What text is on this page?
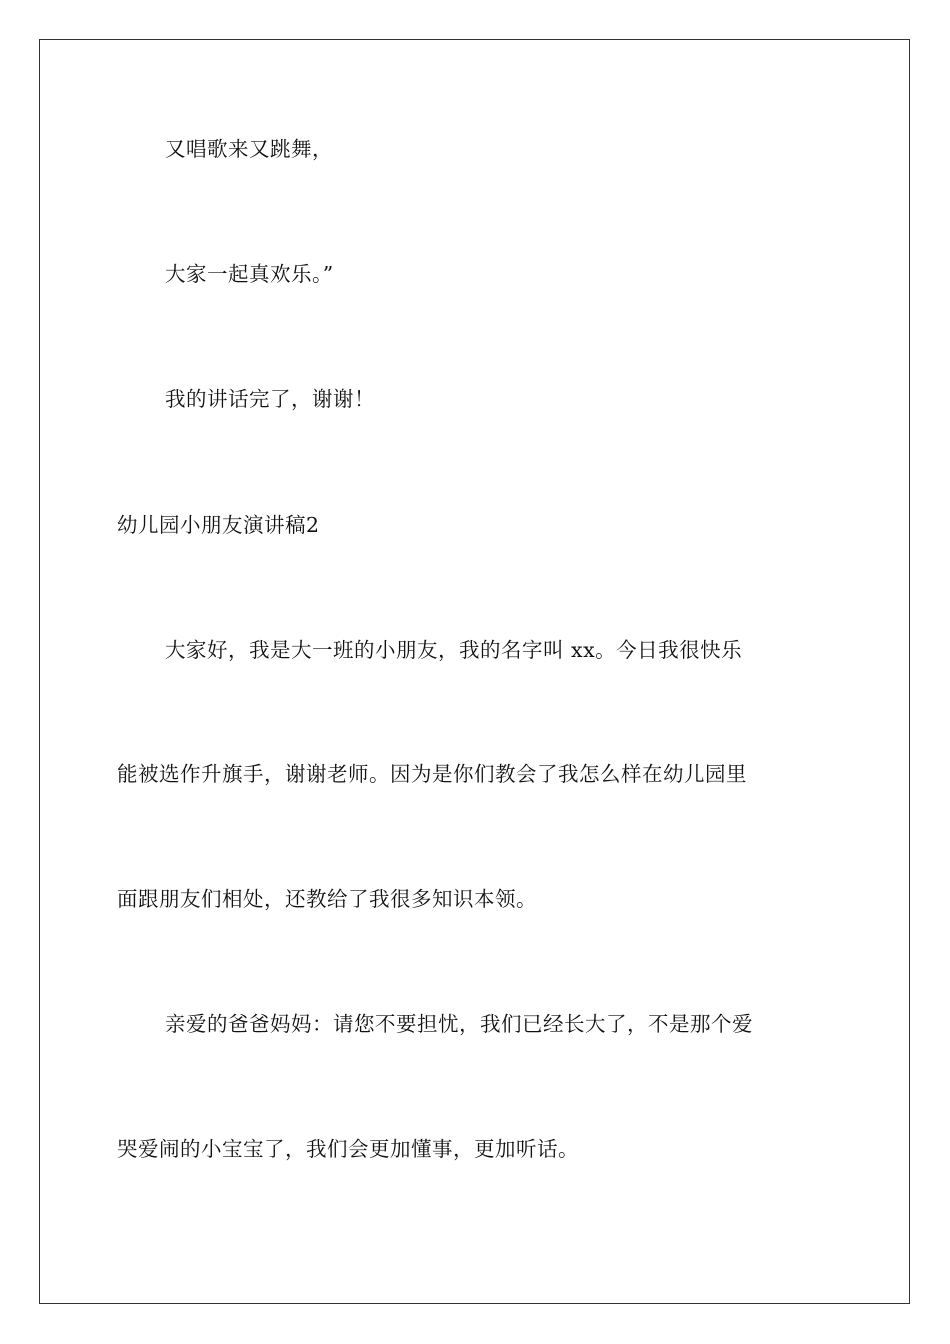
又唱歌来又跳舞，
大家一起真欢乐。”
我的讲话完了，谢谢！
幼儿园小朋友演讲稿2
大家好，我是大一班的小朋友，我的名字叫 xx。今日我很快乐
能被选作升旗手，谢谢老师。因为是你们教会了我怎么样在幼儿园里
面跟朋友们相处，还教给了我很多知识本领。
亲爱的爸爸妈妈：请您不要担忧，我们已经长大了，不是那个爱
哭爱闹的小宝宝了，我们会更加懂事，更加听话。
